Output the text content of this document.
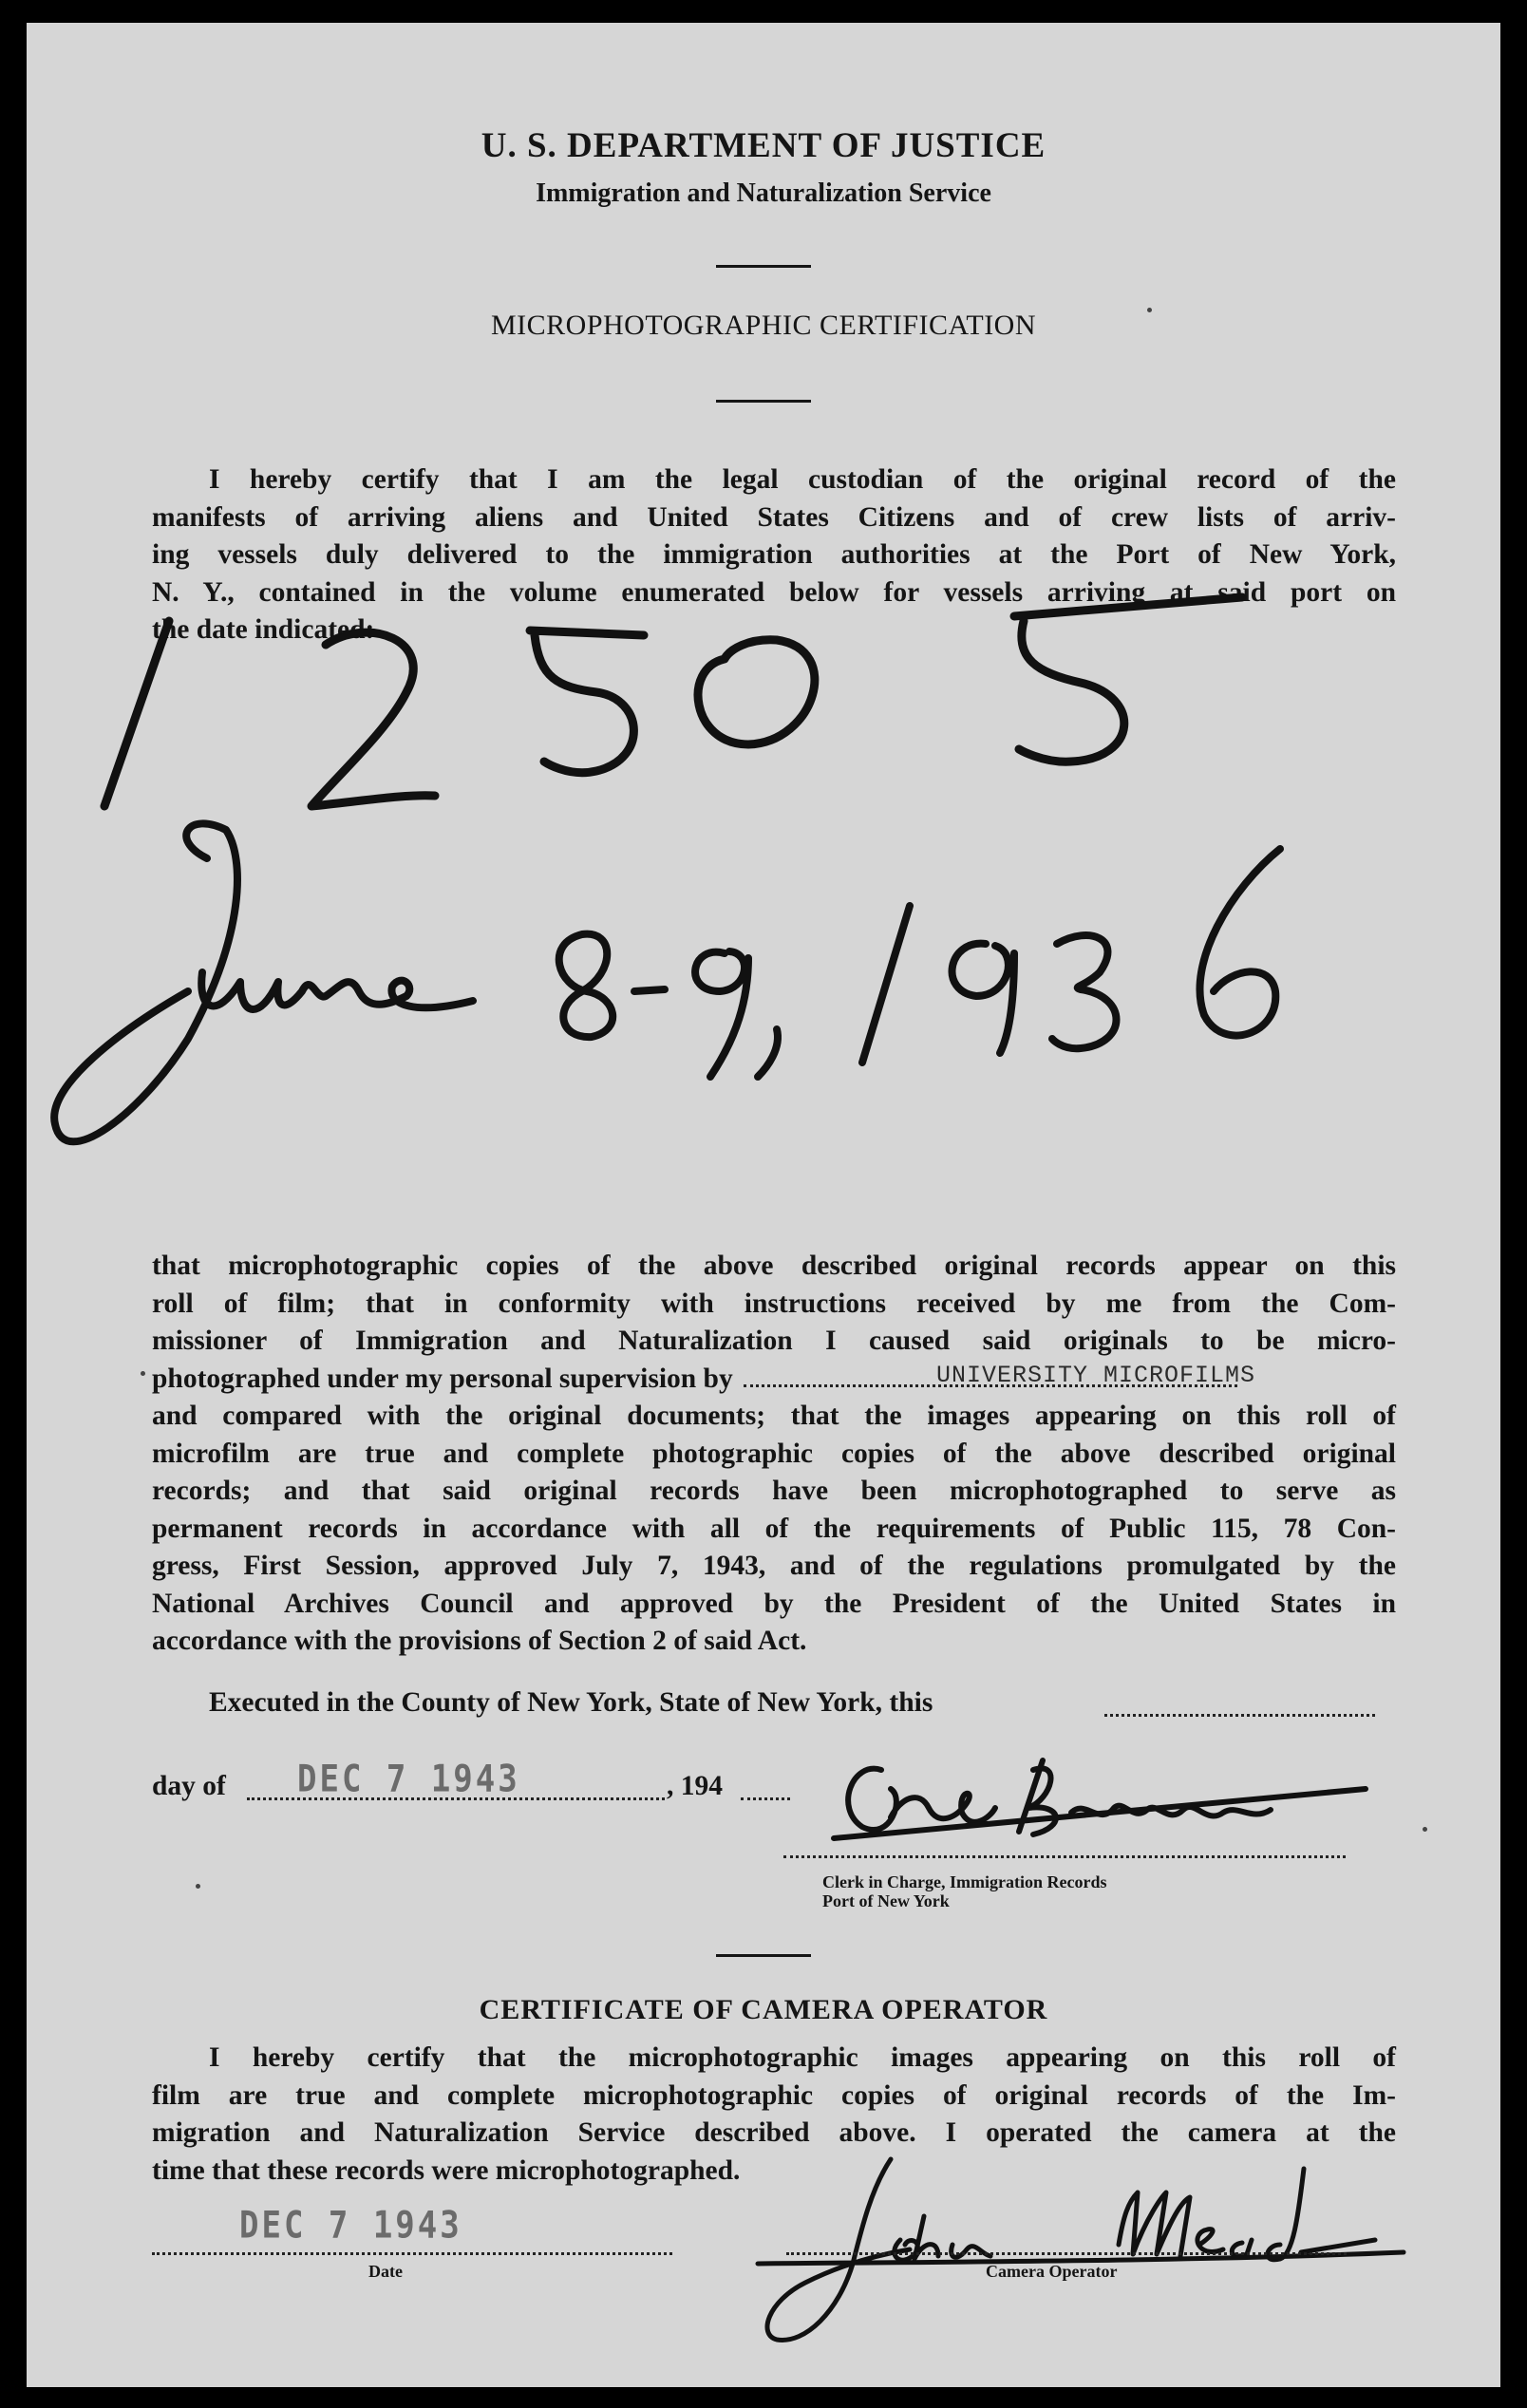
U. S. DEPARTMENT OF JUSTICE
Immigration and Naturalization Service
MICROPHOTOGRAPHIC CERTIFICATION
I hereby certify that I am the legal custodian of the original record of the
manifests of arriving aliens and United States Citizens and of crew lists of arriv-
ing vessels duly delivered to the immigration authorities at the Port of New York,
N. Y., contained in the volume enumerated below for vessels arriving at said port on
the date indicated:
that microphotographic copies of the above described original records appear on this
roll of film; that in conformity with instructions received by me from the Com-
missioner of Immigration and Naturalization I caused said originals to be micro-
photographed under my personal supervision by
and compared with the original documents; that the images appearing on this roll of
microfilm are true and complete photographic copies of the above described original
records; and that said original records have been microphotographed to serve as
permanent records in accordance with all of the requirements of Public 115, 78 Con-
gress, First Session, approved July 7, 1943, and of the regulations promulgated by the
National Archives Council and approved by the President of the United States in
accordance with the provisions of Section 2 of said Act.
UNIVERSITY MICROFILMS
Executed in the County of New York, State of New York, this
day of DEC 7 1943	, 194
Clerk in Charge, Immigration Records
Port of New York
CERTIFICATE OF CAMERA OPERATOR
I hereby certify that the microphotographic images appearing on this roll of
film are true and complete microphotographic copies of original records of the Im-
migration and Naturalization Service described above. I operated the camera at the
time that these records were microphotographed.
DEC 7 1943
Date	Camera Operator
